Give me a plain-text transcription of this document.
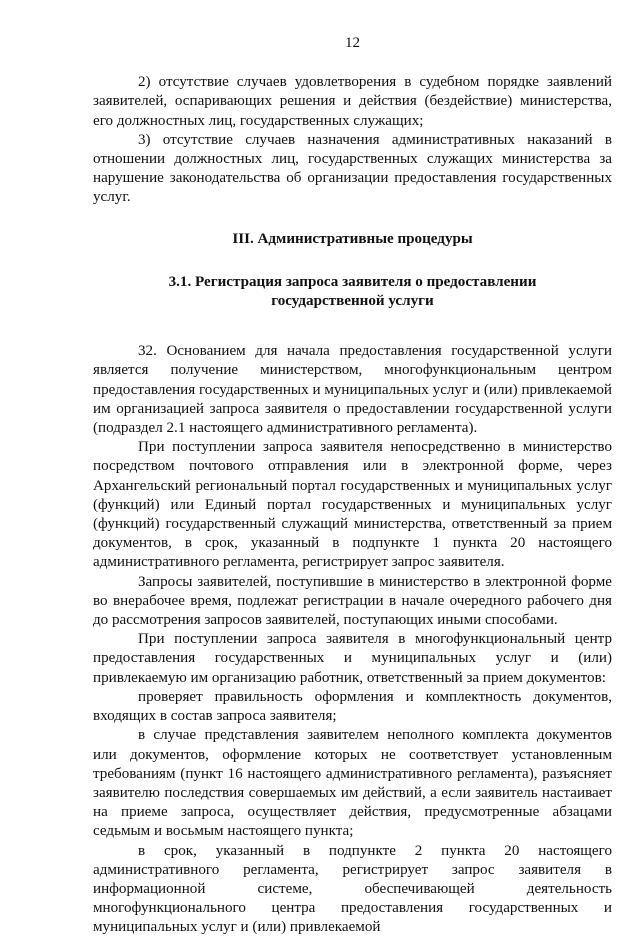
12

2) отсутствие случаев удовлетворения в судебном порядке заявлений заявителей, оспаривающих решения и действия (бездействие) министерства, его должностных лиц, государственных служащих;

3) отсутствие случаев назначения административных наказаний в отношении должностных лиц, государственных служащих министерства за нарушение законодательства об организации предоставления государственных услуг.

III. Административные процедуры
3.1. Регистрация запроса заявителя о предоставлении государственной услуги

32. Основанием для начала предоставления государственной услуги является получение министерством, многофункциональным центром предоставления государственных и муниципальных услуг и (или) привлекаемой им организацией запроса заявителя о предоставлении государственной услуги (подраздел 2.1 настоящего административного регламента).

При поступлении запроса заявителя непосредственно в министерство посредством почтового отправления или в электронной форме, через Архангельский региональный портал государственных и муниципальных услуг (функций) или Единый портал государственных и муниципальных услуг (функций) государственный служащий министерства, ответственный за прием документов, в срок, указанный в подпункте 1 пункта 20 настоящего административного регламента, регистрирует запрос заявителя.

Запросы заявителей, поступившие в министерство в электронной форме во внерабочее время, подлежат регистрации в начале очередного рабочего дня до рассмотрения запросов заявителей, поступающих иными способами.

При поступлении запроса заявителя в многофункциональный центр предоставления государственных и муниципальных услуг и (или) привлекаемую им организацию работник, ответственный за прием документов:

проверяет правильность оформления и комплектность документов, входящих в состав запроса заявителя;

в случае представления заявителем неполного комплекта документов или документов, оформление которых не соответствует установленным требованиям (пункт 16 настоящего административного регламента), разъясняет заявителю последствия совершаемых им действий, а если заявитель настаивает на приеме запроса, осуществляет действия, предусмотренные абзацами седьмым и восьмым настоящего пункта;

в срок, указанный в подпункте 2 пункта 20 настоящего административного регламента, регистрирует запрос заявителя в информационной системе, обеспечивающей деятельность многофункционального центра предоставления государственных и муниципальных услуг и (или) привлекаемой
